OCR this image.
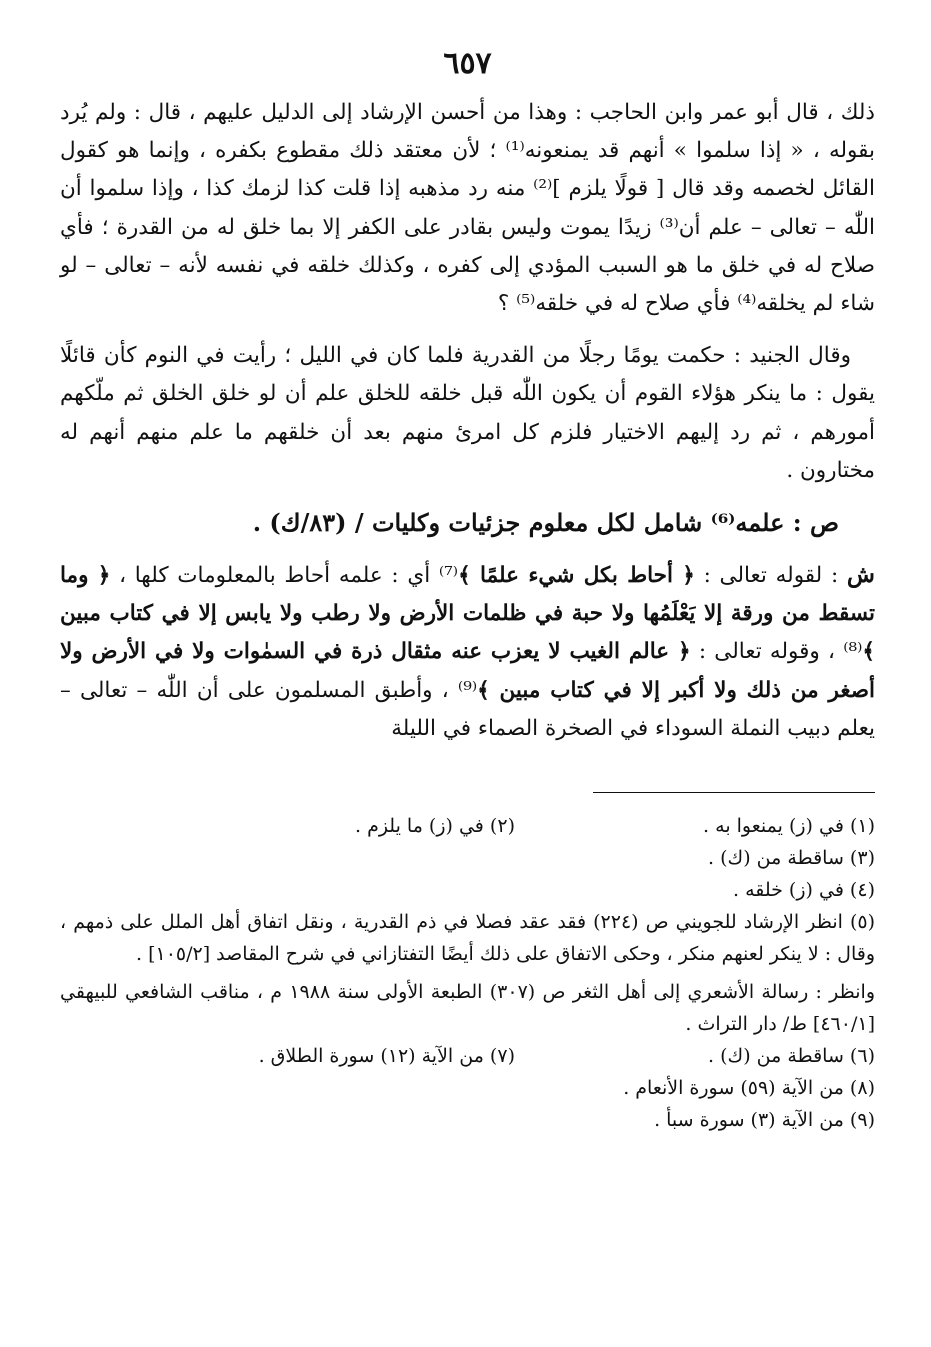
٦٥٧

ذلك ، قال أبو عمر وابن الحاجب : وهذا من أحسن الإرشاد إلى الدليل عليهم ، قال : ولم يُرد بقوله ، « إذا سلموا » أنهم قد يمنعونه⁽¹⁾ ؛ لأن معتقد ذلك مقطوع بكفره ، وإنما هو كقول القائل لخصمه وقد قال [ قولًا يلزم ]⁽²⁾ منه رد مذهبه إذا قلت كذا لزمك كذا ، وإذا سلموا أن اللّٰه – تعالى – علم أن⁽³⁾ زيدًا يموت وليس بقادر على الكفر إلا بما خلق له من القدرة ؛ فأي صلاح له في خلق ما هو السبب المؤدي إلى كفره ، وكذلك خلقه في نفسه لأنه – تعالى – لو شاء لم يخلقه⁽⁴⁾ فأي صلاح له في خلقه⁽⁵⁾ ؟

وقال الجنيد : حكمت يومًا رجلًا من القدرية فلما كان في الليل ؛ رأيت في النوم كأن قائلًا يقول : ما ينكر هؤلاء القوم أن يكون اللّٰه قبل خلقه للخلق علم أن لو خلق الخلق ثم ملّكهم أمورهم ، ثم رد إليهم الاختيار فلزم كل امرئ منهم بعد أن خلقهم ما علم منهم أنهم له مختارون .

ص : علمه⁽⁶⁾ شامل لكل معلوم جزئيات وكليات / (٨٣/ك) .

ش : لقوله تعالى : ﴿ أحاط بكل شيء علمًا ﴾⁽⁷⁾ أي : علمه أحاط بالمعلومات كلها ، ﴿ وما تسقط من ورقة إلا يَعْلَمُها ولا حبة في ظلمات الأرض ولا رطب ولا يابس إلا في كتاب مبين ﴾⁽⁸⁾ ، وقوله تعالى : ﴿ عالم الغيب لا يعزب عنه مثقال ذرة في السمٰوات ولا في الأرض ولا أصغر من ذلك ولا أكبر إلا في كتاب مبين ﴾⁽⁹⁾ ، وأطبق المسلمون على أن اللّٰه – تعالى – يعلم دبيب النملة السوداء في الصخرة الصماء في الليلة

(١) في (ز) يمنعوا به .
(٢) في (ز) ما يلزم .
(٣) ساقطة من (ك) .
(٤) في (ز) خلقه .

(٥) انظر الإرشاد للجويني ص (٢٢٤) فقد عقد فصلا في ذم القدرية ، ونقل اتفاق أهل الملل على ذمهم ، وقال : لا ينكر لعنهم منكر ، وحكى الاتفاق على ذلك أيضًا التفتازاني في شرح المقاصد [١٠٥/٢] .

وانظر : رسالة الأشعري إلى أهل الثغر ص (٣٠٧) الطبعة الأولى سنة ١٩٨٨ م ، مناقب الشافعي للبيهقي [٤٦٠/١] ط/ دار التراث .

(٦) ساقطة من (ك) .
(٧) من الآية (١٢) سورة الطلاق .
(٨) من الآية (٥٩) سورة الأنعام .
(٩) من الآية (٣) سورة سبأ .
